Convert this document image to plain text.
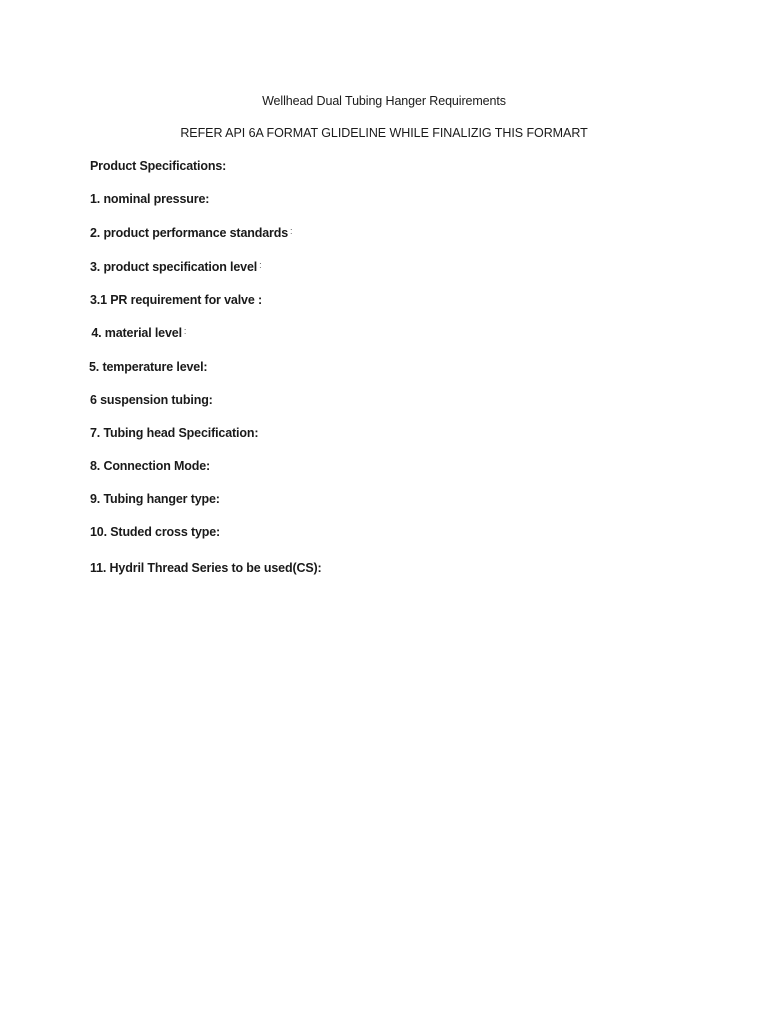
Wellhead Dual Tubing Hanger Requirements
REFER API 6A FORMAT GLIDELINE WHILE FINALIZIG THIS FORMART
Product Specifications:
1. nominal pressure:
2. product performance standards :
3. product specification level :
3.1 PR requirement for valve :
4. material level :
5. temperature level:
6 suspension tubing:
7. Tubing head Specification:
8. Connection Mode:
9. Tubing hanger type:
10. Studed cross type:
11. Hydril Thread Series to be used(CS):
